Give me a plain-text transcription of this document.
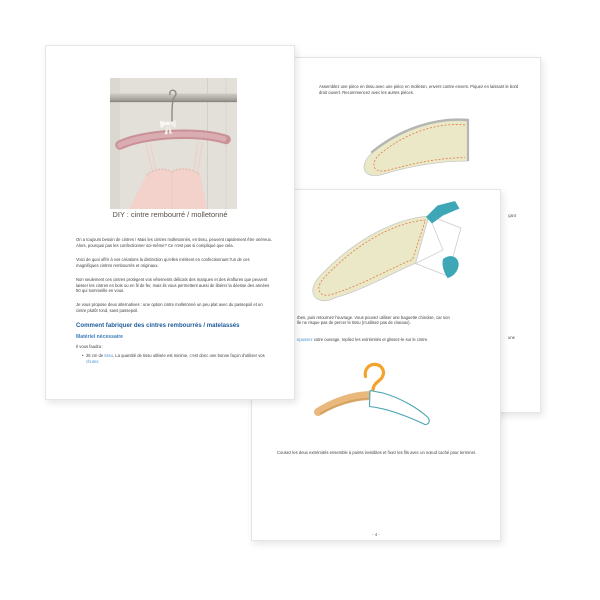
Assemblez une pièce en tissu avec une pièce en molleton, envers contre envers. Piquez en laissant le bord droit ouvert. Recommencez avec les autres pièces.

çant
une

rbes, puis retournez l'ouvrage. Vous pouvez utiliser une baguette chinoise, car son

lle ne risque pas de percer le tissu (n'utilisez pas de ciseaux).

epassez votre ouvrage, repliez les extrémités et glissez-le sur le cintre.

Cousez les deux extrémités ensemble à points invisibles et fixez les fils avec un nœud caché pour terminer.

- 4 -
DIY : cintre rembourré / molletonné

On a toujours besoin de cintres ! Mais les cintres molletonnés, en tissu, peuvent rapidement être onéreux. Alors, pourquoi pas les confectionner soi-même? Ce n'est pas si compliqué que cela.

Voici de quoi offrir à vos créations la distinction qu'elles méritent en confectionnant l'un de ces magnifiques cintres rembourrés et originaux.

Non seulement ces cintres protègent vos vêtements délicats des marques et des éraflures que peuvent laisser les cintres en bois ou en fil de fer, mais ils vous permettent aussi de libérer la déesse des années 50 qui sommeille en vous.

Je vous propose deux alternatives : une option cintre molletonné un peu plat avec du passepoil et un cintre plutôt rond, sans passepoil.

Comment fabriquer des cintres rembourrés / matelassés
Matériel nécessaire

Il vous faudra :

• 25 cm de tissu. La quantité de tissu utilisée est minime, c'est donc une bonne façon d'utiliser vos chutes.
